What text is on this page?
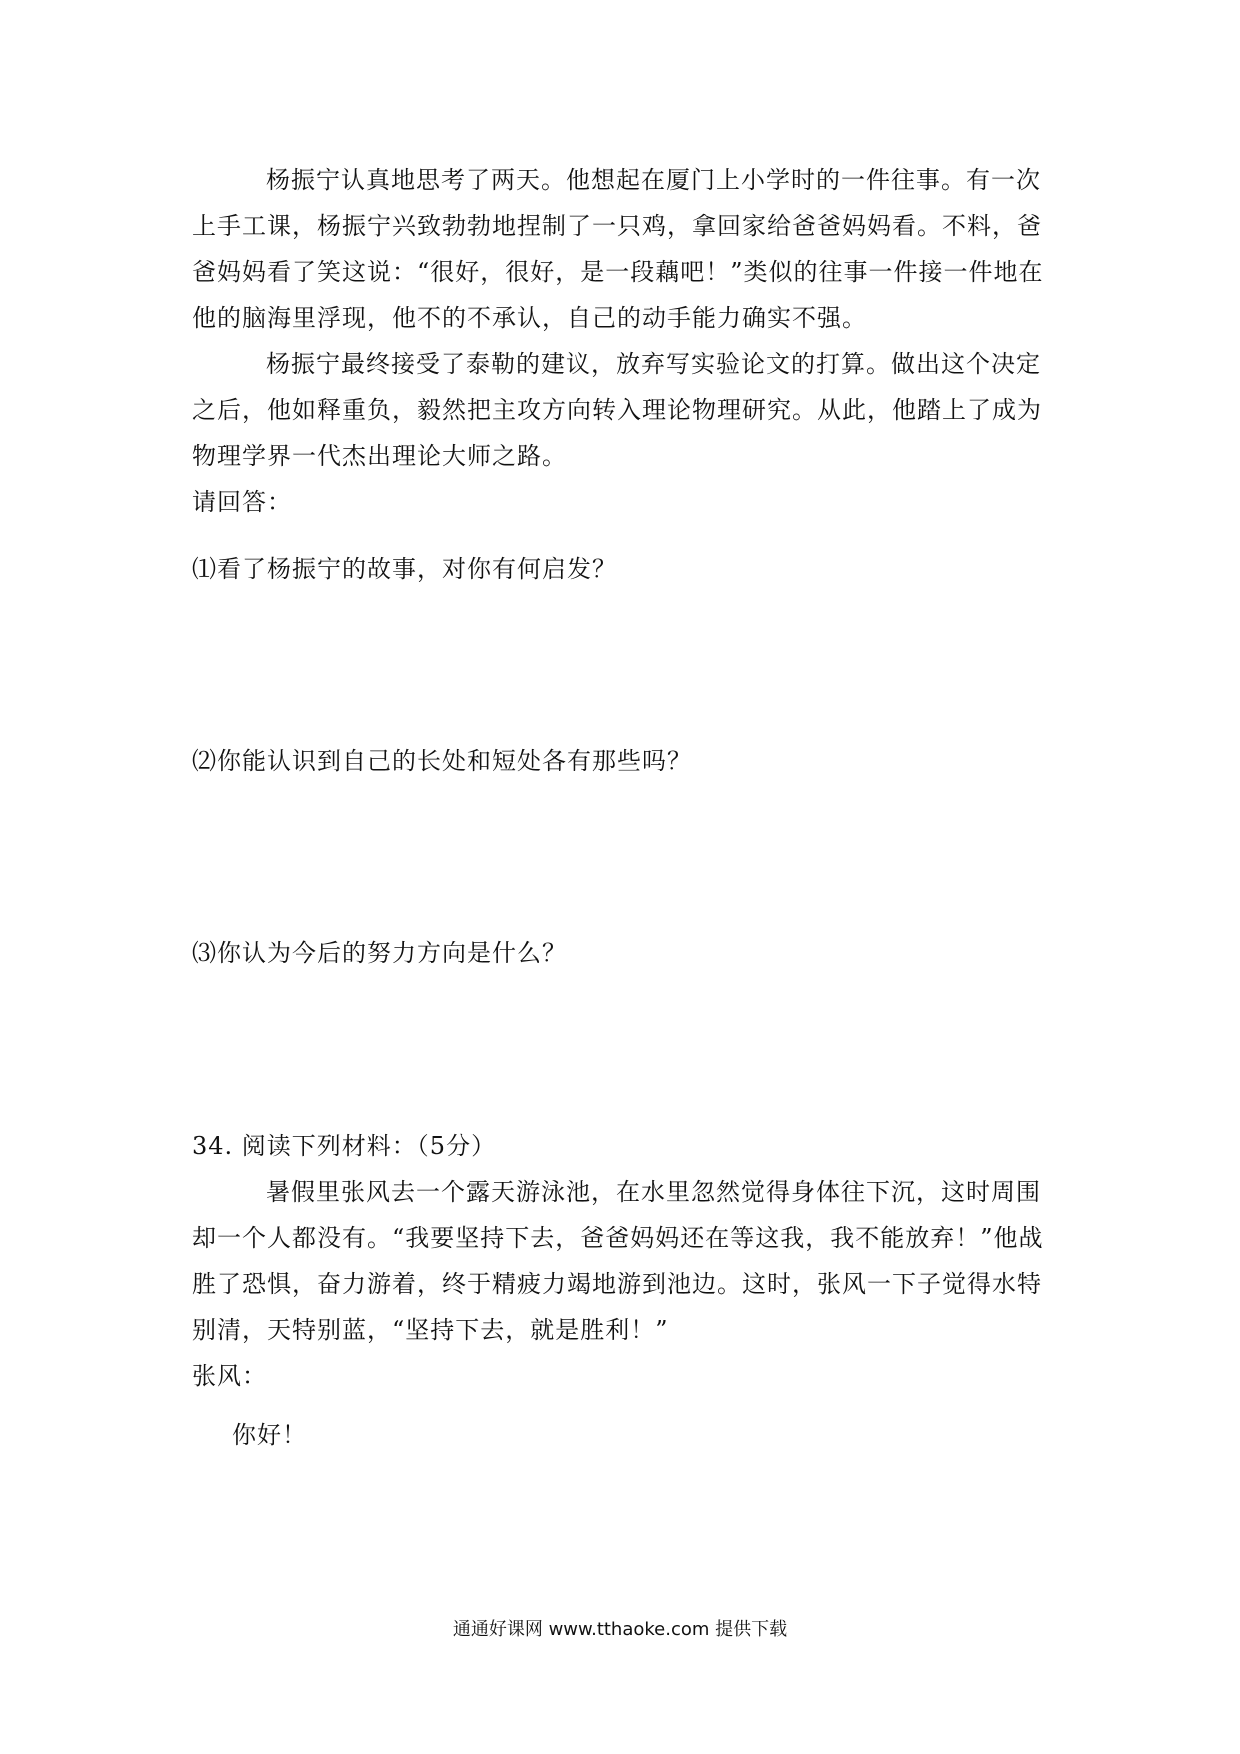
杨振宁认真地思考了两天。他想起在厦门上小学时的一件往事。有一次上手工课，杨振宁兴致勃勃地捏制了一只鸡，拿回家给爸爸妈妈看。不料，爸爸妈妈看了笑这说：“很好，很好，是一段藕吧！”类似的往事一件接一件地在他的脑海里浮现，他不的不承认，自己的动手能力确实不强。

杨振宁最终接受了泰勒的建议，放弃写实验论文的打算。做出这个决定之后，他如释重负，毅然把主攻方向转入理论物理研究。从此，他踏上了成为物理学界一代杰出理论大师之路。

请回答：

⑴看了杨振宁的故事，对你有何启发？

⑵你能认识到自己的长处和短处各有那些吗？

⑶你认为今后的努力方向是什么？

34. 阅读下列材料：（5分）

暑假里张风去一个露天游泳池，在水里忽然觉得身体往下沉，这时周围却一个人都没有。“我要坚持下去，爸爸妈妈还在等这我，我不能放弃！”他战胜了恐惧，奋力游着，终于精疲力竭地游到池边。这时，张风一下子觉得水特别清，天特别蓝，“坚持下去，就是胜利！”

张风：

你好！

通通好课网 www.tthaoke.com 提供下载
